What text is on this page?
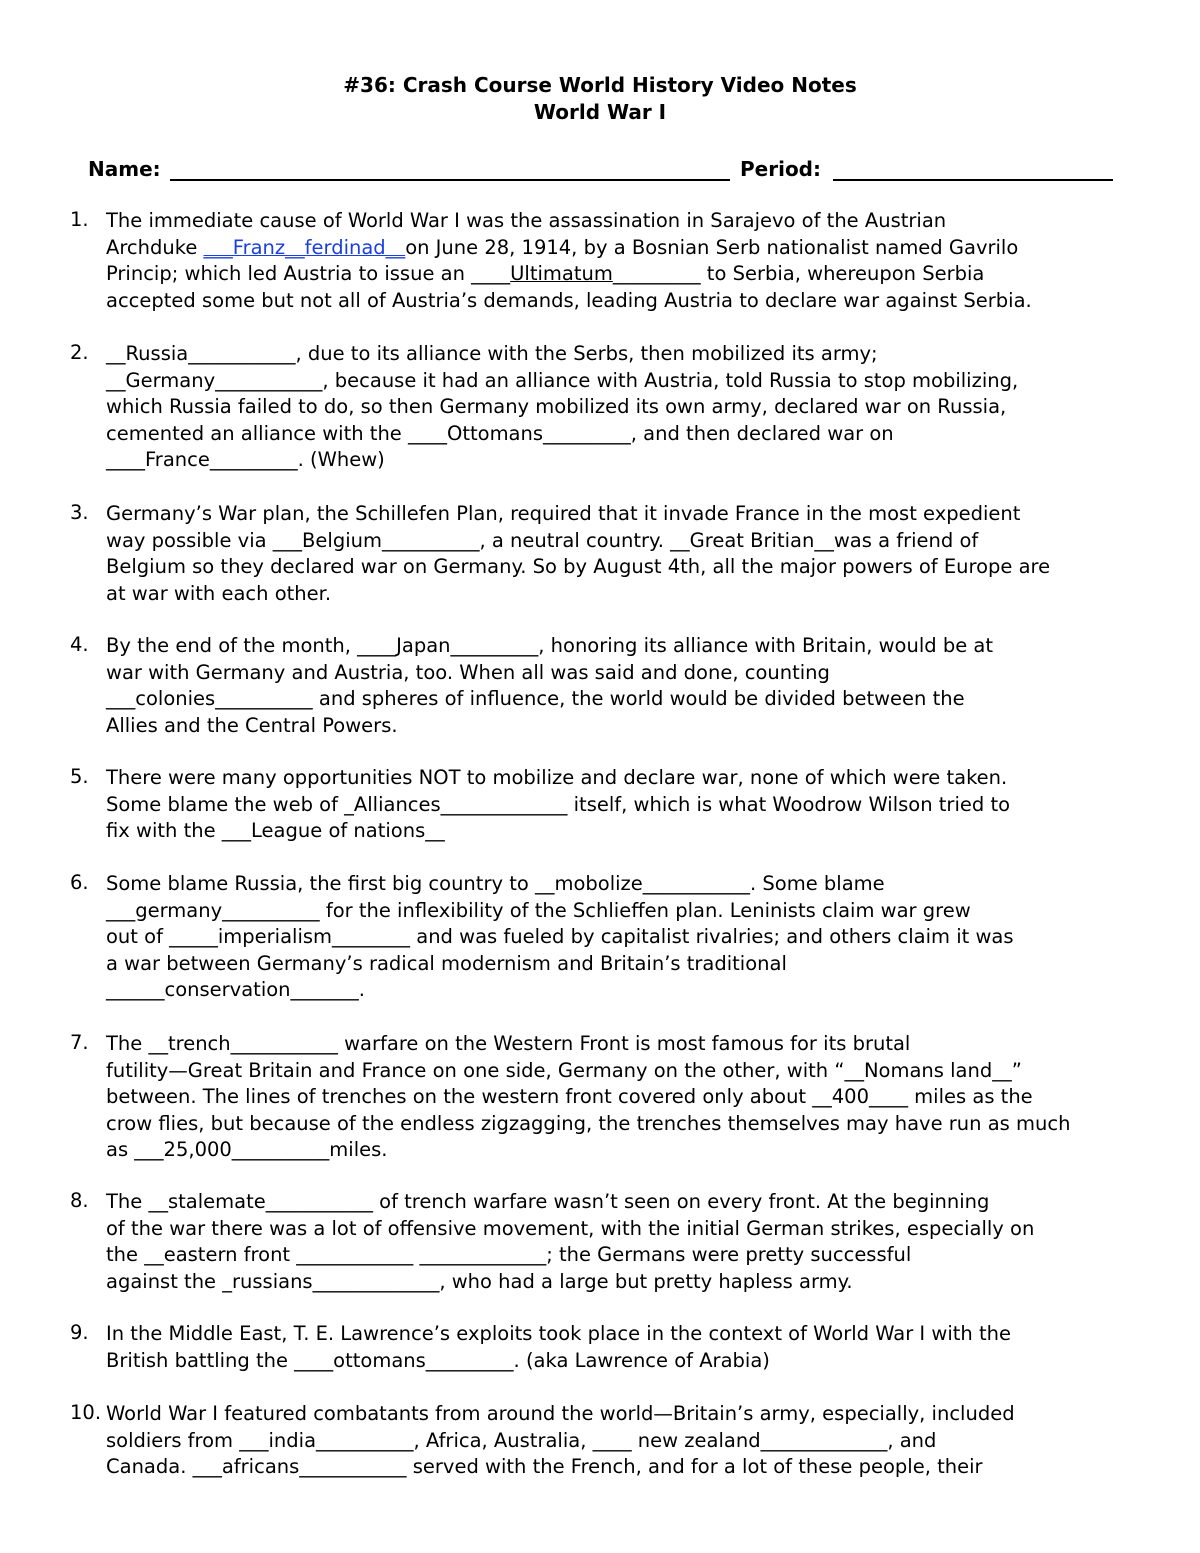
#36: Crash Course World History Video Notes
World War I
Name:	Period:
1. The immediate cause of World War I was the assassination in Sarajevo of the Austrian
Archduke ___Franz__ferdinad__on June 28, 1914, by a Bosnian Serb nationalist named Gavrilo
Princip; which led Austria to issue an ____Ultimatum_________ to Serbia, whereupon Serbia
accepted some but not all of Austria’s demands, leading Austria to declare war against Serbia.
2. __Russia___________, due to its alliance with the Serbs, then mobilized its army;
__Germany___________, because it had an alliance with Austria, told Russia to stop mobilizing,
which Russia failed to do, so then Germany mobilized its own army, declared war on Russia,
cemented an alliance with the ____Ottomans_________, and then declared war on
____France_________. (Whew)
3. Germany’s War plan, the Schillefen Plan, required that it invade France in the most expedient
way possible via ___Belgium__________, a neutral country. __Great Britian__was a friend of
Belgium so they declared war on Germany. So by August 4th, all the major powers of Europe are
at war with each other.
4. By the end of the month, ____Japan_________, honoring its alliance with Britain, would be at
war with Germany and Austria, too. When all was said and done, counting
___colonies__________ and spheres of influence, the world would be divided between the
Allies and the Central Powers.
5. There were many opportunities NOT to mobilize and declare war, none of which were taken.
Some blame the web of _Alliances_____________ itself, which is what Woodrow Wilson tried to
fix with the ___League of nations__
6. Some blame Russia, the first big country to __mobolize___________. Some blame
___germany__________ for the inflexibility of the Schlieffen plan. Leninists claim war grew
out of _____imperialism________ and was fueled by capitalist rivalries; and others claim it was
a war between Germany’s radical modernism and Britain’s traditional
______conservation_______.
7. The __trench___________ warfare on the Western Front is most famous for its brutal
futility—Great Britain and France on one side, Germany on the other, with “__Nomans land__”
between. The lines of trenches on the western front covered only about __400____ miles as the
crow flies, but because of the endless zigzagging, the trenches themselves may have run as much
as ___25,000__________miles.
8. The __stalemate___________ of trench warfare wasn’t seen on every front. At the beginning
of the war there was a lot of offensive movement, with the initial German strikes, especially on
the __eastern front ____________ _____________; the Germans were pretty successful
against the _russians_____________, who had a large but pretty hapless army.
9. In the Middle East, T. E. Lawrence’s exploits took place in the context of World War I with the
British battling the ____ottomans_________. (aka Lawrence of Arabia)
10. World War I featured combatants from around the world—Britain’s army, especially, included
soldiers from ___india__________, Africa, Australia, ____ new zealand_____________, and
Canada. ___africans___________ served with the French, and for a lot of these people, their
